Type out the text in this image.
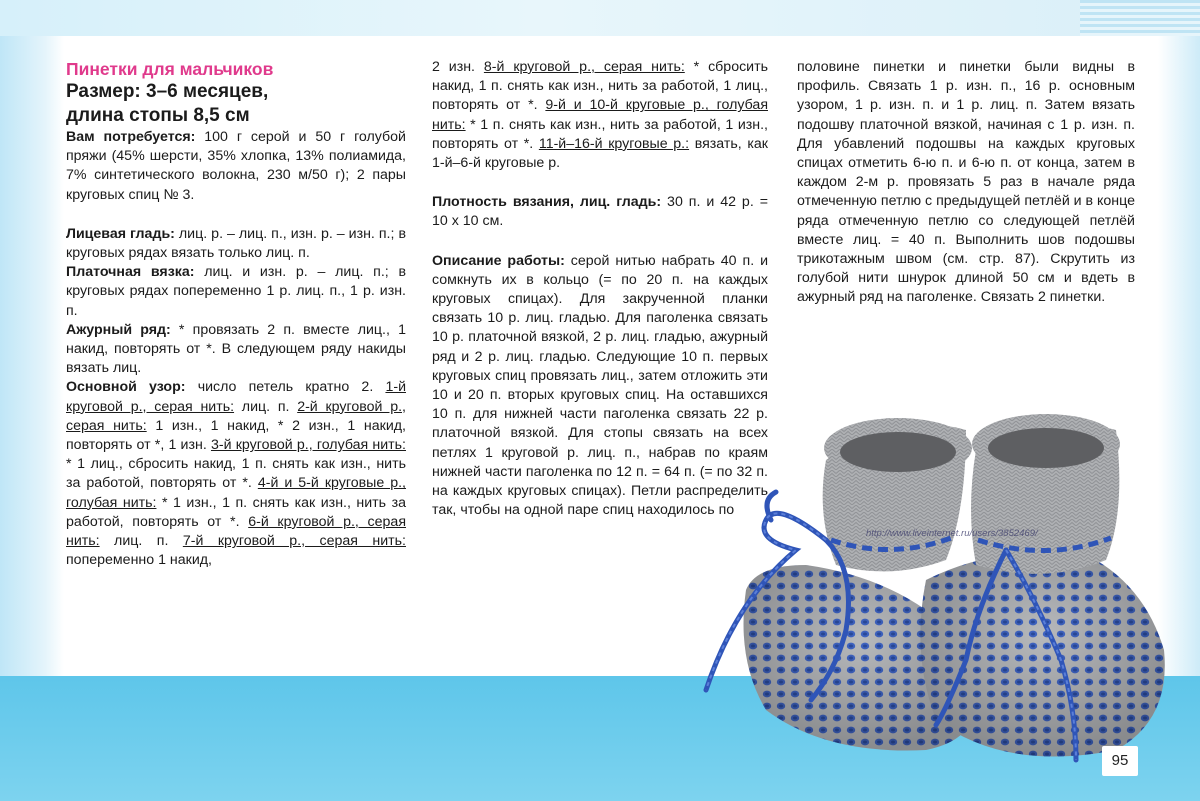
Пинетки для мальчиков

Размер: 3–6 месяцев,
длина стопы 8,5 см

Вам потребуется: 100 г серой и 50 г голубой пряжи (45% шерсти, 35% хлопка, 13% полиамида, 7% синтетического волокна, 230 м/50 г); 2 пары круговых спиц № 3.

Лицевая гладь: лиц. р. – лиц. п., изн. р. – изн. п.; в круговых рядах вязать только лиц. п.

Платочная вязка: лиц. и изн. р. – лиц. п.; в круговых рядах попеременно 1 р. лиц. п., 1 р. изн. п.

Ажурный ряд: * провязать 2 п. вместе лиц., 1 накид, повторять от *. В следующем ряду накиды вязать лиц.

Основной узор: число петель кратно 2. 1-й круговой р., серая нить: лиц. п. 2-й круговой р., серая нить: 1 изн., 1 накид, * 2 изн., 1 накид, повторять от *, 1 изн. 3-й круговой р., голубая нить: * 1 лиц., сбросить накид, 1 п. снять как изн., нить за работой, повторять от *. 4-й и 5-й круговые р., голубая нить: * 1 изн., 1 п. снять как изн., нить за работой, повторять от *. 6-й круговой р., серая нить: лиц. п. 7-й круговой р., серая нить: попеременно 1 накид,

2 изн. 8-й круговой р., серая нить: * сбросить накид, 1 п. снять как изн., нить за работой, 1 лиц., повторять от *. 9-й и 10-й круговые р., голубая нить: * 1 п. снять как изн., нить за работой, 1 изн., повторять от *. 11-й–16-й круговые р.: вязать, как 1-й–6-й круговые р.

Плотность вязания, лиц. гладь: 30 п. и 42 р. = 10 х 10 см.

Описание работы: серой нитью набрать 40 п. и сомкнуть их в кольцо (= по 20 п. на каждых круговых спицах). Для закрученной планки связать 10 р. лиц. гладью. Для паголенка связать 10 р. платочной вязкой, 2 р. лиц. гладью, ажурный ряд и 2 р. лиц. гладью. Следующие 10 п. первых круговых спиц провязать лиц., затем отложить эти 10 и 20 п. вторых круговых спиц. На оставшихся 10 п. для нижней части паголенка связать 22 р. платочной вязкой. Для стопы связать на всех петлях 1 круговой р. лиц. п., набрав по краям нижней части паголенка по 12 п. = 64 п. (= по 32 п. на каждых круговых спицах). Петли распределить так, чтобы на одной паре спиц находилось по

половине пинетки и пинетки были видны в профиль. Связать 1 р. изн. п., 16 р. основным узором, 1 р. изн. п. и 1 р. лиц. п. Затем вязать подошву платочной вязкой, начиная с 1 р. изн. п. Для убавлений подошвы на каждых круговых спицах отметить 6-ю п. и 6-ю п. от конца, затем в каждом 2-м р. провязать 5 раз в начале ряда отмеченную петлю с предыдущей петлёй и в конце ряда отмеченную петлю со следующей петлёй вместе лиц. = 40 п. Выполнить шов подошвы трикотажным швом (см. стр. 87). Скрутить из голубой нити шнурок длиной 50 см и вдеть в ажурный ряд на паголенке. Связать 2 пинетки.

http://www.liveinternet.ru/users/3852469/
95
